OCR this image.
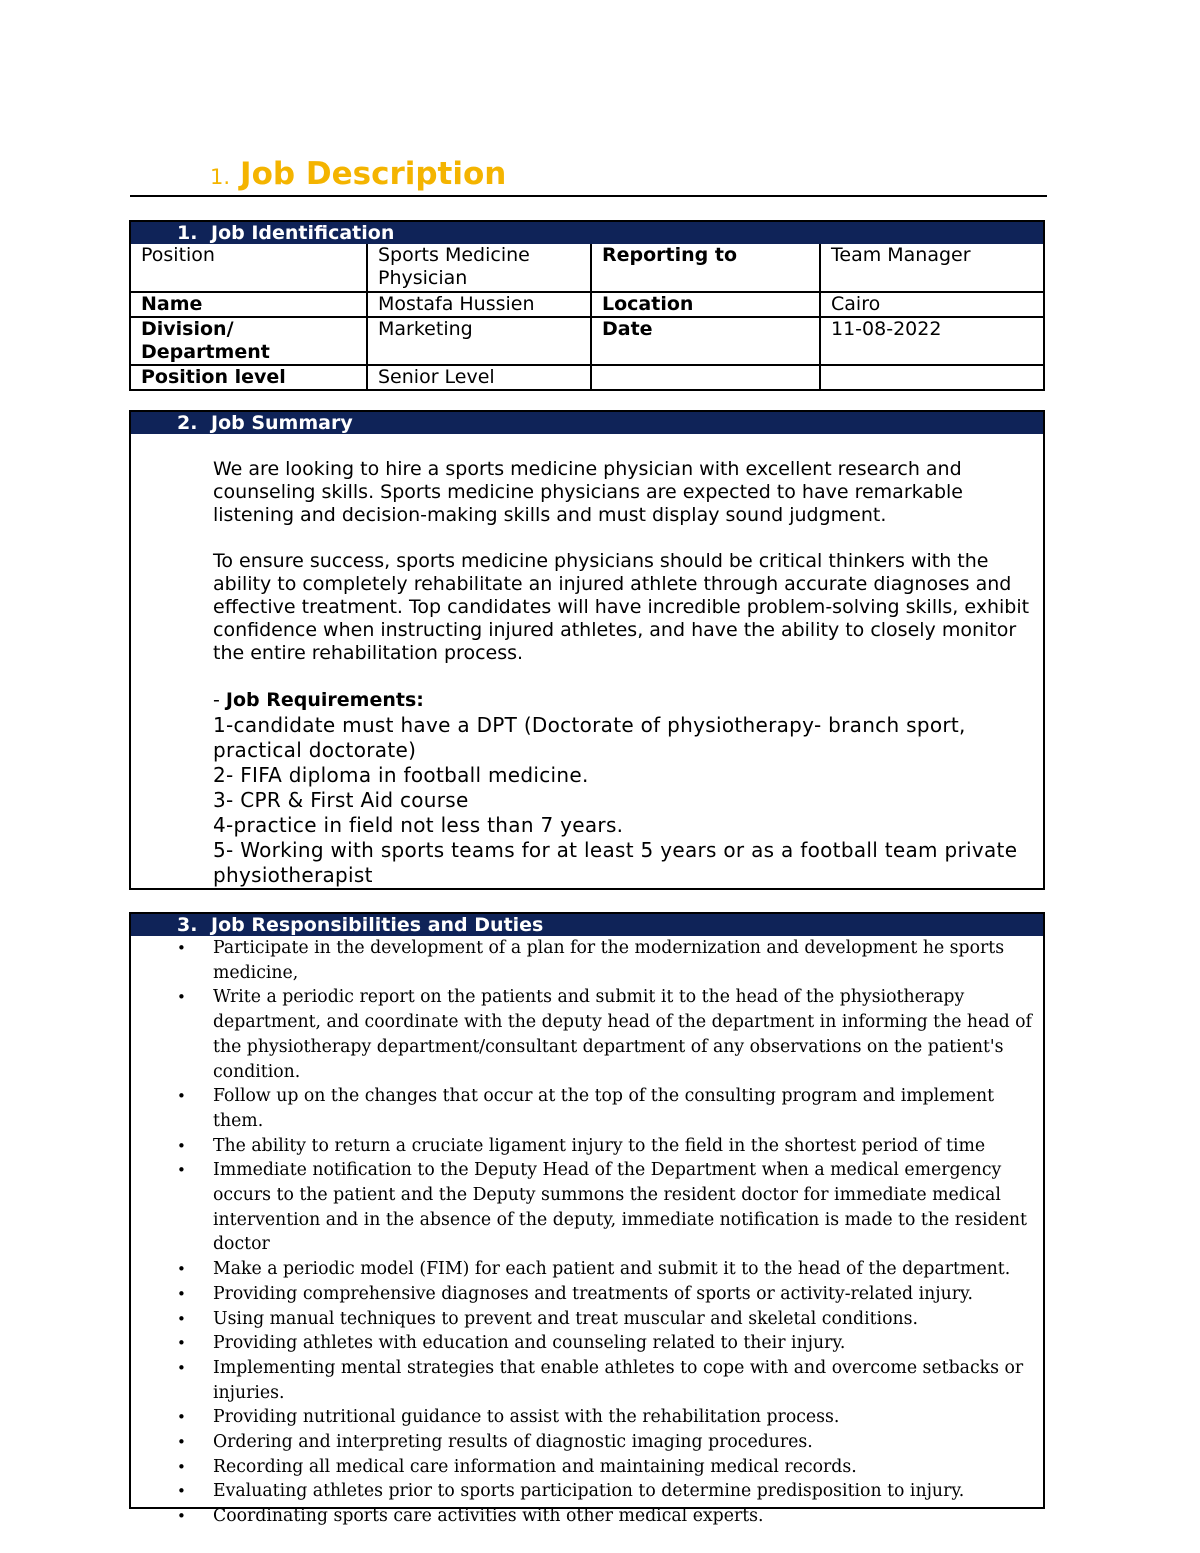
1. Job Description
1. Job Identification
Position	Sports Medicine Physician	Reporting to	Team Manager
Name	Mostafa Hussien	Location	Cairo
Division/ Department	Marketing	Date	11-08-2022
Position level	Senior Level		
2. Job Summary

We are looking to hire a sports medicine physician with excellent research and counseling skills. Sports medicine physicians are expected to have remarkable listening and decision-making skills and must display sound judgment.

To ensure success, sports medicine physicians should be critical thinkers with the ability to completely rehabilitate an injured athlete through accurate diagnoses and effective treatment. Top candidates will have incredible problem-solving skills, exhibit confidence when instructing injured athletes, and have the ability to closely monitor the entire rehabilitation process.

- Job Requirements:
1-candidate must have a DPT (Doctorate of physiotherapy- branch sport, practical doctorate)
2- FIFA diploma in football medicine.
3- CPR & First Aid course
4-practice in field not less than 7 years.
5- Working with sports teams for at least 5 years or as a football team private physiotherapist
3. Job Responsibilities and Duties
• Participate in the development of a plan for the modernization and development he sports medicine,
• Write a periodic report on the patients and submit it to the head of the physiotherapy department, and coordinate with the deputy head of the department in informing the head of the physiotherapy department/consultant department of any observations on the patient's condition.
• Follow up on the changes that occur at the top of the consulting program and implement them.
• The ability to return a cruciate ligament injury to the field in the shortest period of time
• Immediate notification to the Deputy Head of the Department when a medical emergency occurs to the patient and the Deputy summons the resident doctor for immediate medical intervention and in the absence of the deputy, immediate notification is made to the resident doctor
• Make a periodic model (FIM) for each patient and submit it to the head of the department.
• Providing comprehensive diagnoses and treatments of sports or activity-related injury.
• Using manual techniques to prevent and treat muscular and skeletal conditions.
• Providing athletes with education and counseling related to their injury.
• Implementing mental strategies that enable athletes to cope with and overcome setbacks or injuries.
• Providing nutritional guidance to assist with the rehabilitation process.
• Ordering and interpreting results of diagnostic imaging procedures.
• Recording all medical care information and maintaining medical records.
• Evaluating athletes prior to sports participation to determine predisposition to injury.
• Coordinating sports care activities with other medical experts.
